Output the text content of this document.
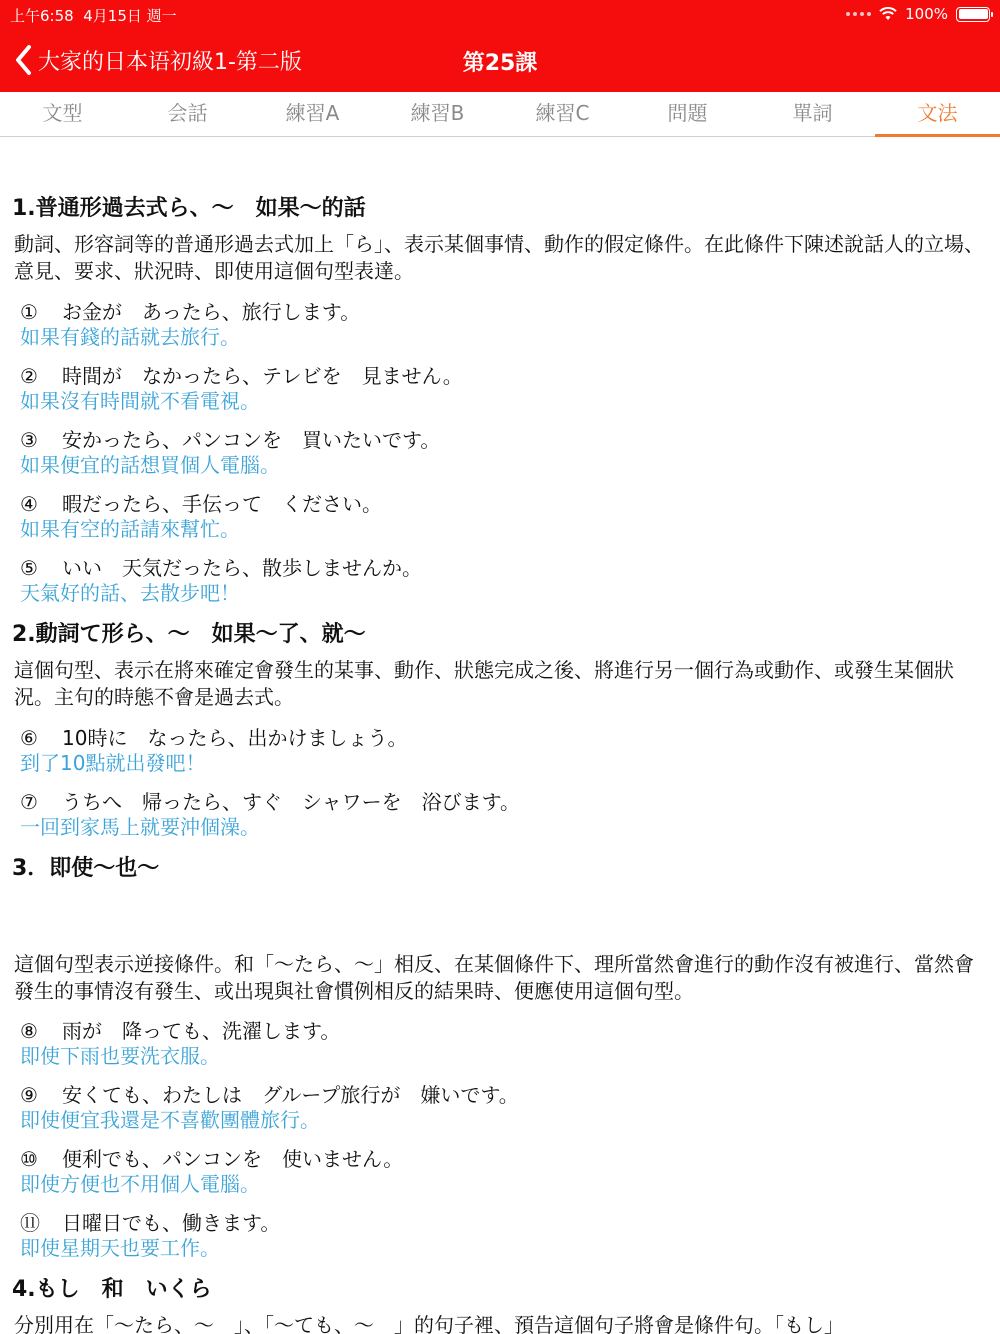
上午6:58 4月15日 週一	100%
大家的日本语初級1-第二版	第25課
文型	会話	練習A	練習B	練習C	問題	單詞	文法
1.普通形過去式ら、～　如果～的話
動詞、形容詞等的普通形過去式加上「ら」、表示某個事情、動作的假定條件。在此條件下陳述說話人的立場、意見、要求、狀況時、即使用這個句型表達。
① お金が　あったら、旅行します。
如果有錢的話就去旅行。
② 時間が　なかったら、テレビを　見ません。
如果沒有時間就不看電視。
③ 安かったら、パンコンを　買いたいです。
如果便宜的話想買個人電腦。
④ 暇だったら、手伝って　ください。
如果有空的話請來幫忙。
⑤ いい　天気だったら、散歩しませんか。
天氣好的話、去散步吧！
2.動詞て形ら、～　如果～了、就～
這個句型、表示在將來確定會發生的某事、動作、狀態完成之後、將進行另一個行為或動作、或發生某個狀況。主句的時態不會是過去式。
⑥ 10時に　なったら、出かけましょう。
到了10點就出發吧！
⑦ うちへ　帰ったら、すぐ　シャワーを　浴びます。
一回到家馬上就要沖個澡。
3．即使～也～
這個句型表示逆接條件。和「～たら、～」相反、在某個條件下、理所當然會進行的動作沒有被進行、當然會發生的事情沒有發生、或出現與社會慣例相反的結果時、便應使用這個句型。
⑧ 雨が　降っても、洗濯します。
即使下雨也要洗衣服。
⑨ 安くても、わたしは　グループ旅行が　嫌いです。
即使便宜我還是不喜歡團體旅行。
⑩ 便利でも、パンコンを　使いません。
即使方便也不用個人電腦。
⑪ 日曜日でも、働きます。
即使星期天也要工作。
4.もし　和　いくら
分別用在「～たら、～　」、「～ても、～　」的句子裡、預告這個句子將會是條件句。「もし」
